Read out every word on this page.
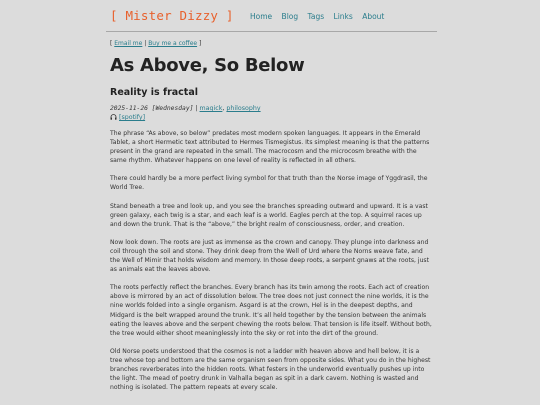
[ Mister Dizzy ] Home Blog Tags Links About
[ Email me | Buy me a coffee ]
As Above, So Below
Reality is fractal
2025-11-26 [Wednesday] | magick, philosophy
[spotify]

The phrase “As above, so below” predates most modern spoken languages. It appears in the Emerald Tablet, a short Hermetic text attributed to Hermes Tismegistus. Its simplest meaning is that the patterns present in the grand are repeated in the small. The macrocosm and the microcosm breathe with the same rhythm. Whatever happens on one level of reality is reflected in all others.

There could hardly be a more perfect living symbol for that truth than the Norse image of Yggdrasil, the World Tree.

Stand beneath a tree and look up, and you see the branches spreading outward and upward. It is a vast green galaxy, each twig is a star, and each leaf is a world. Eagles perch at the top. A squirrel races up and down the trunk. That is the “above,” the bright realm of consciousness, order, and creation.

Now look down. The roots are just as immense as the crown and canopy. They plunge into darkness and coil through the soil and stone. They drink deep from the Well of Urd where the Norns weave fate, and the Well of Mimir that holds wisdom and memory. In those deep roots, a serpent gnaws at the roots, just as animals eat the leaves above.

The roots perfectly reflect the branches. Every branch has its twin among the roots. Each act of creation above is mirrored by an act of dissolution below. The tree does not just connect the nine worlds, it is the nine worlds folded into a single organism. Asgard is at the crown, Hel is in the deepest depths, and Midgard is the belt wrapped around the trunk. It’s all held together by the tension between the animals eating the leaves above and the serpent chewing the roots below. That tension is life itself. Without both, the tree would either shoot meaninglessly into the sky or rot into the dirt of the ground.

Old Norse poets understood that the cosmos is not a ladder with heaven above and hell below, it is a tree whose top and bottom are the same organism seen from opposite sides. What you do in the highest branches reverberates into the hidden roots. What festers in the underworld eventually pushes up into the light. The mead of poetry drunk in Valhalla began as spit in a dark cavern. Nothing is wasted and nothing is isolated. The pattern repeats at every scale.
